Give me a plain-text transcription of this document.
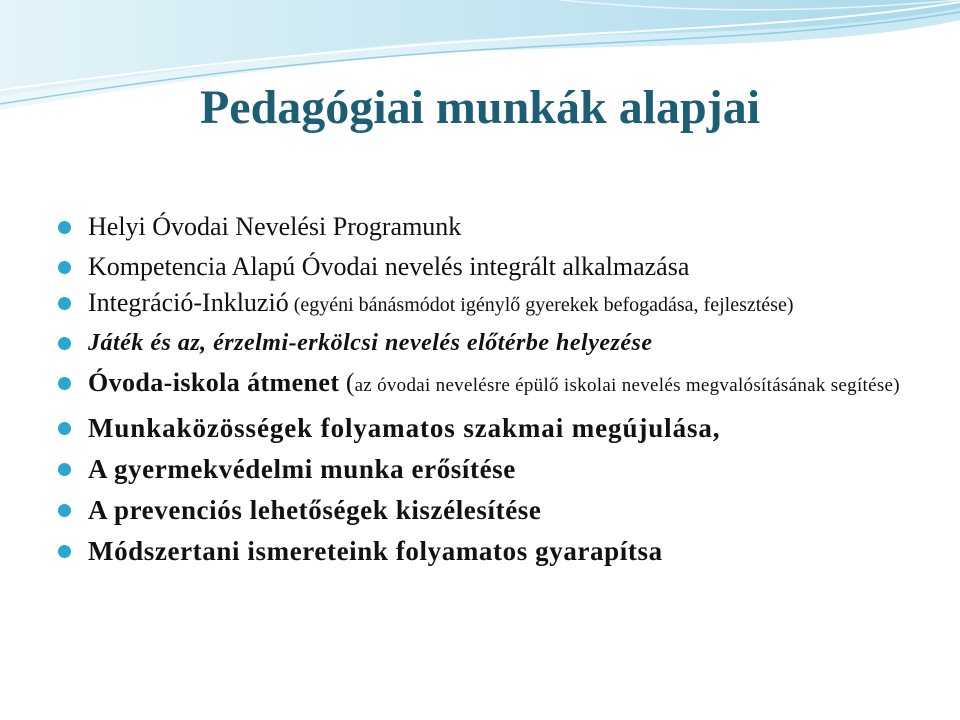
Pedagógiai munkák alapjai
Helyi Óvodai Nevelési Programunk
Kompetencia Alapú Óvodai nevelés integrált alkalmazása
Integráció-Inkluzió (egyéni bánásmódot igénylő gyerekek befogadása, fejlesztése)
Játék és az, érzelmi-erkölcsi nevelés előtérbe helyezése
Óvoda-iskola átmenet (az óvodai nevelésre épülő iskolai nevelés megvalósításának segítése)
Munkaközösségek folyamatos szakmai megújulása,
A gyermekvédelmi munka erősítése
A prevenciós lehetőségek kiszélesítése
Módszertani ismereteink folyamatos gyarapítsa
